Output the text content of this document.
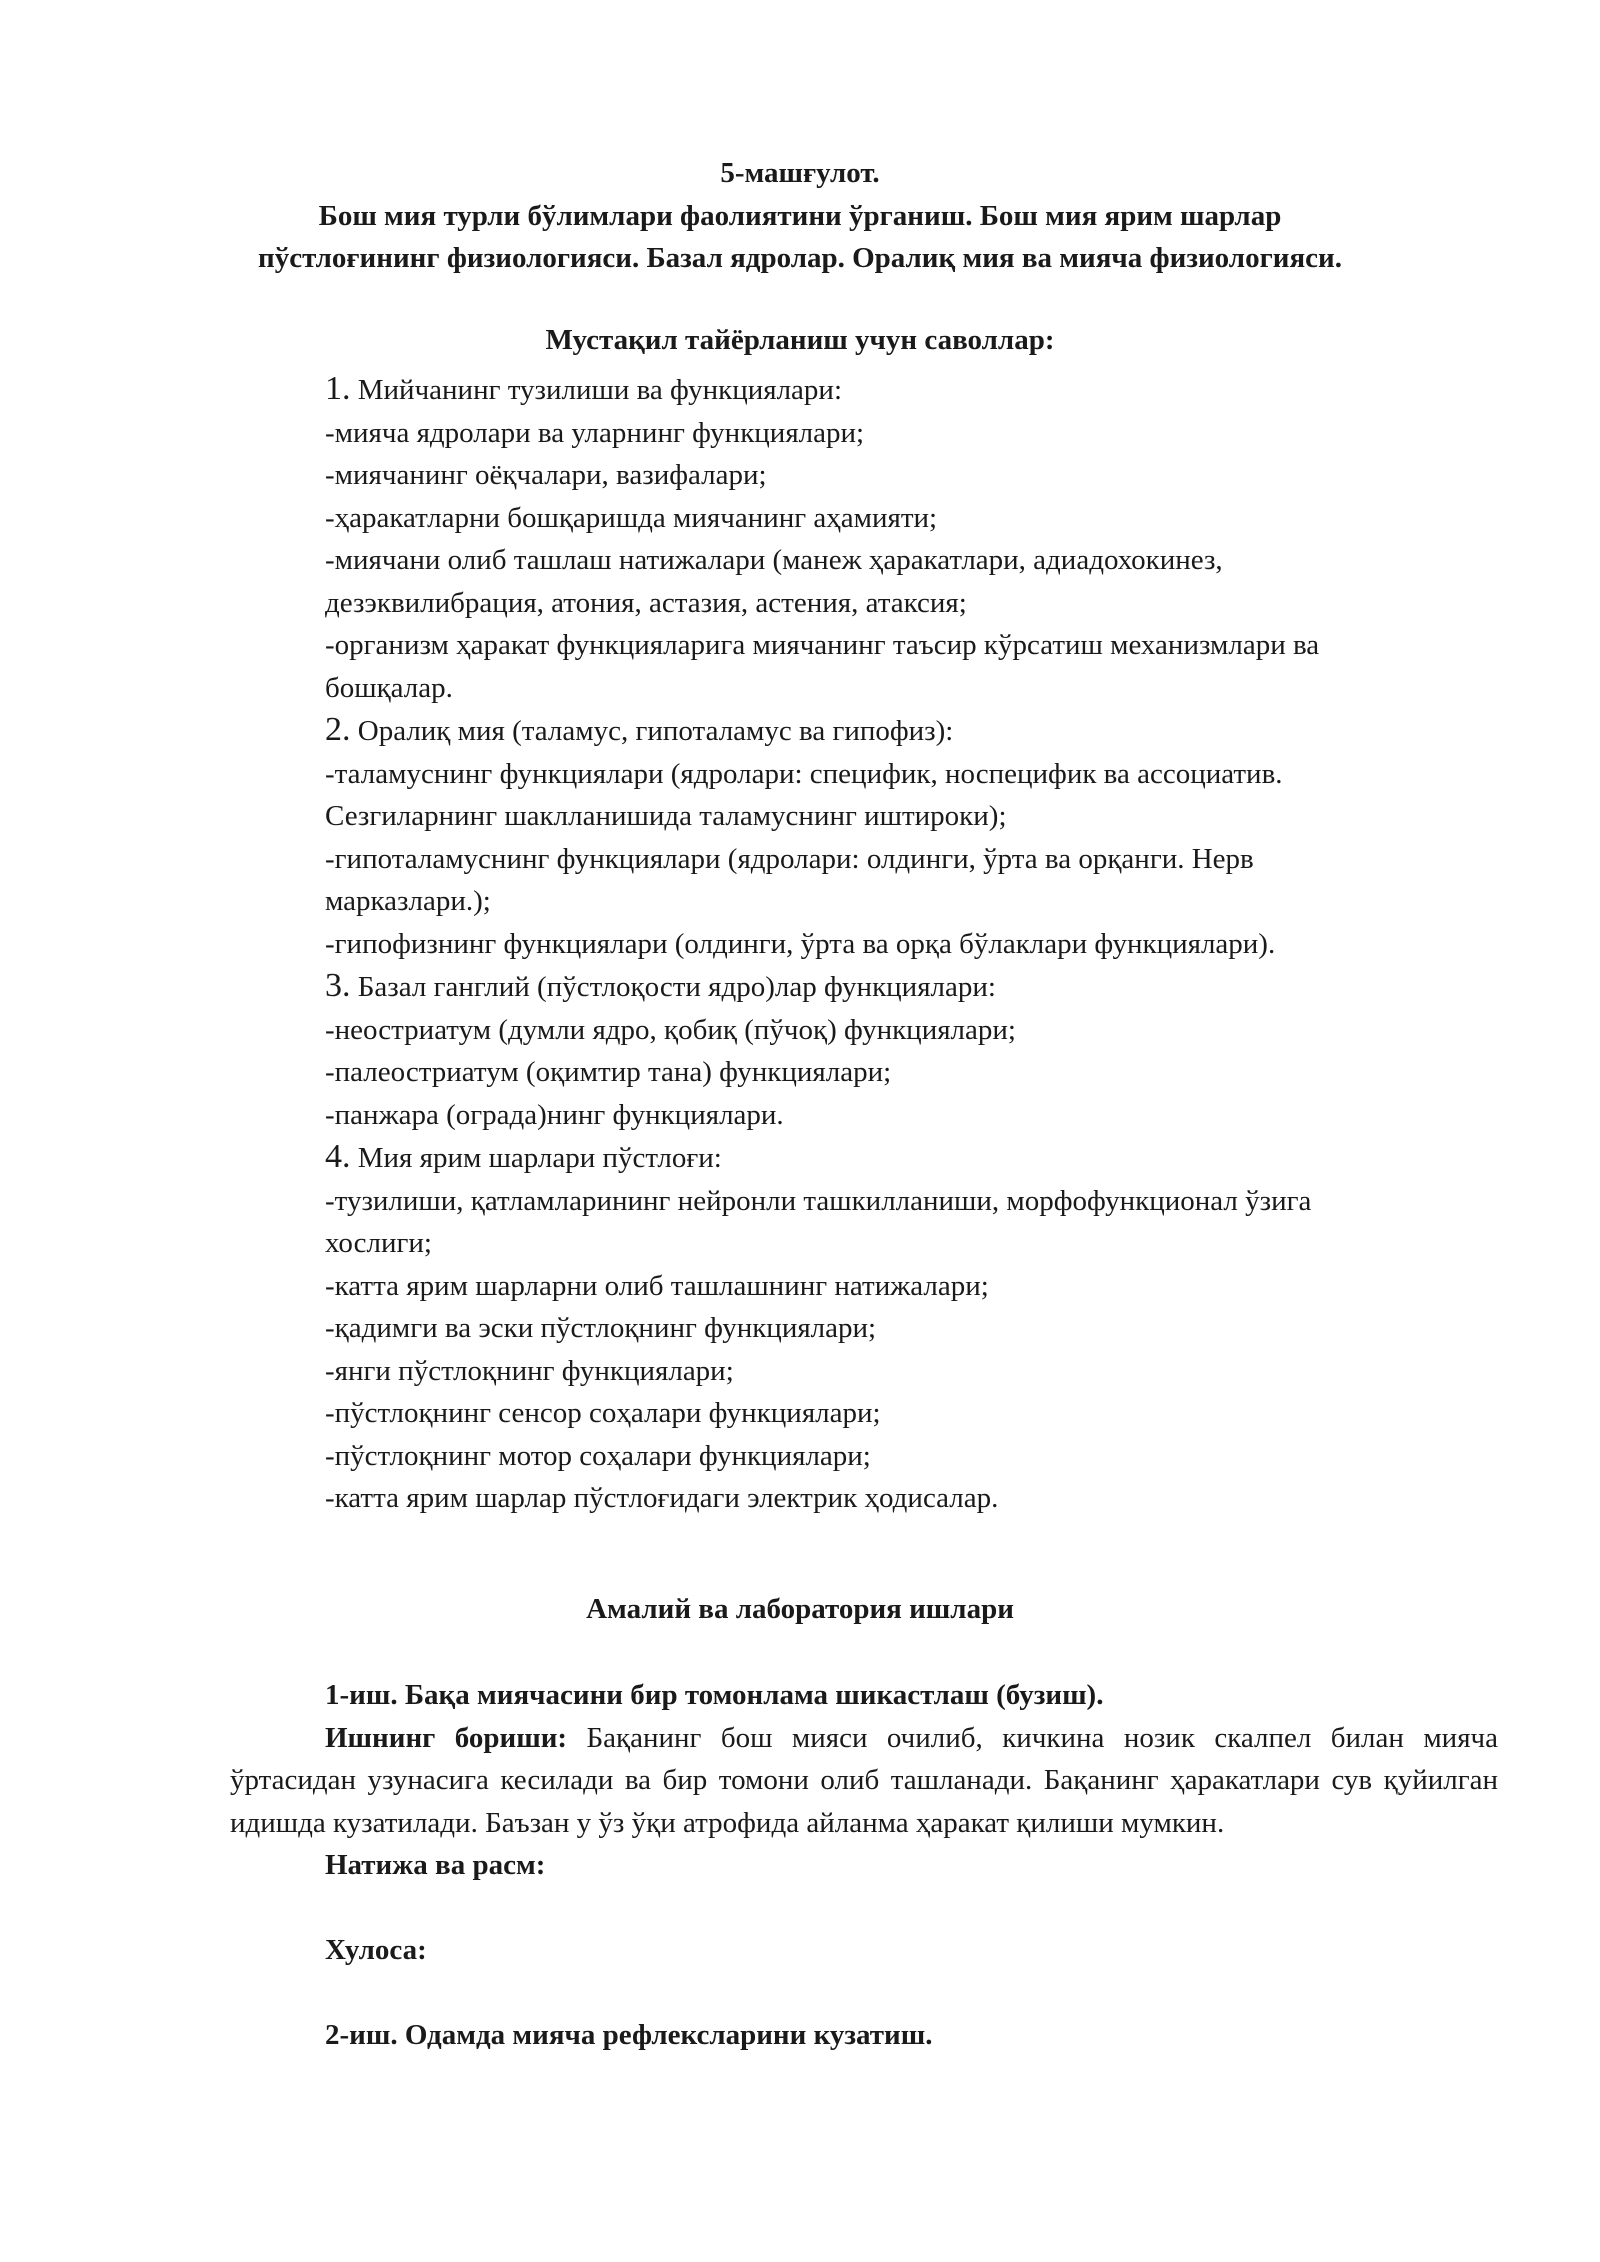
5-машғулот.
Бош мия турли бўлимлари фаолиятини ўрганиш. Бош мия ярим шарлар
пўстлоғининг физиологияси. Базал ядролар. Оралиқ мия ва мияча физиологияси.
Мустақил тайёрланиш учун саволлар:
1. Мийчанинг тузилиши ва функциялари:
-мияча ядролари ва уларнинг функциялари;
-миячанинг оёқчалари, вазифалари;
-ҳаракатларни бошқаришда миячанинг аҳамияти;
-миячани олиб ташлаш натижалари (манеж ҳаракатлари, адиадохокинез,
дезэквилибрация, атония, астазия, астения, атаксия;
-организм ҳаракат функцияларига миячанинг таъсир кўрсатиш механизмлари ва
бошқалар.
2. Оралиқ мия (таламус, гипоталамус ва гипофиз):
-таламуснинг функциялари (ядролари: специфик, носпецифик ва ассоциатив.
Сезгиларнинг шаклланишида таламуснинг иштироки);
-гипоталамуснинг функциялари (ядролари: олдинги, ўрта ва орқанги. Нерв
марказлари.);
-гипофизнинг функциялари (олдинги, ўрта ва орқа бўлаклари функциялари).
3. Базал ганглий (пўстлоқости ядро)лар функциялари:
-неостриатум (думли ядро, қобиқ (пўчоқ) функциялари;
-палеостриатум (оқимтир тана) функциялари;
-панжара (оградa)нинг функциялари.
4. Мия ярим шарлари пўстлоғи:
-тузилиши, қатламларининг нейронли ташкилланиши, морфофункционал ўзига
хослиги;
-катта ярим шарларни олиб ташлашнинг натижалари;
-қадимги ва эски пўстлоқнинг функциялари;
-янги пўстлоқнинг функциялари;
-пўстлоқнинг сенсор соҳалари функциялари;
-пўстлоқнинг мотор соҳалари функциялари;
-катта ярим шарлар пўстлоғидаги электрик ҳодисалар.
Амалий ва лаборатория ишлари
1-иш. Бақа миячасини бир томонлама шикастлаш (бузиш).
Ишнинг бориши: Бақанинг бош мияси очилиб, кичкина нозик скалпел билан мияча ўртасидан узунасига кесилади ва бир томони олиб ташланади. Бақанинг ҳаракатлари сув қуйилган идишда кузатилади. Баъзан у ўз ўқи атрофида айланма ҳаракат қилиши мумкин.
Натижа ва расм:
Хулоса:
2-иш. Одамда мияча рефлексларини кузатиш.
